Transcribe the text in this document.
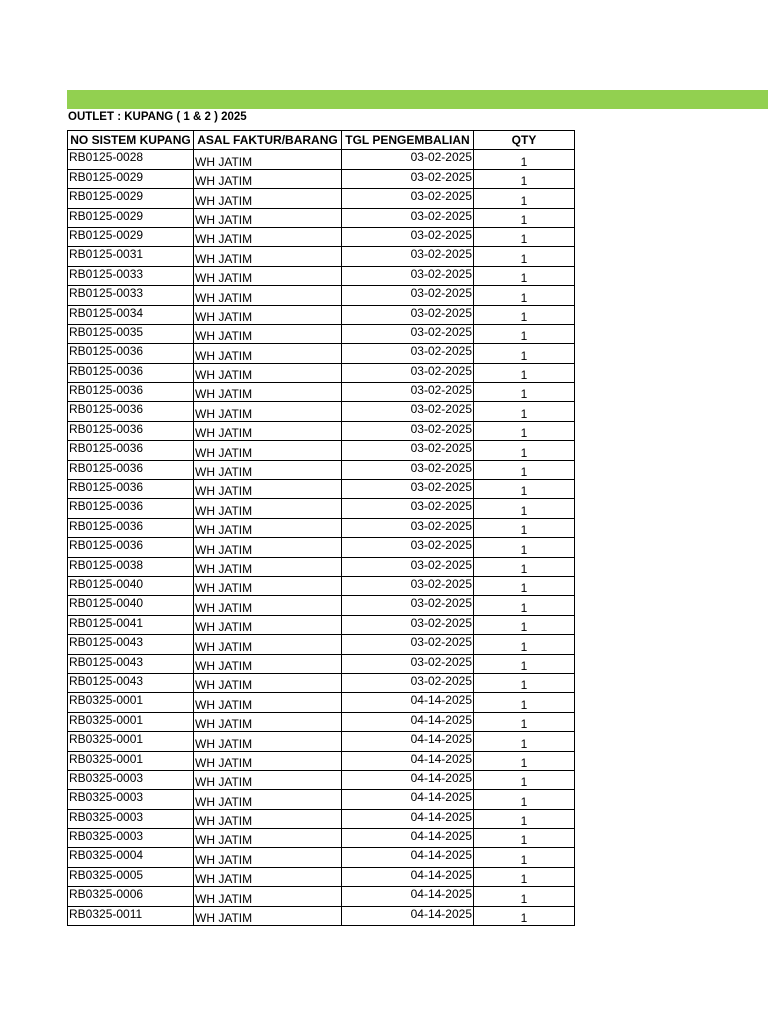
OUTLET : KUPANG ( 1 & 2 ) 2025
NO SISTEM KUPANG	ASAL FAKTUR/BARANG	TGL PENGEMBALIAN	QTY
RB0125-0028	WH JATIM	03-02-2025	1
RB0125-0029	WH JATIM	03-02-2025	1
RB0125-0029	WH JATIM	03-02-2025	1
RB0125-0029	WH JATIM	03-02-2025	1
RB0125-0029	WH JATIM	03-02-2025	1
RB0125-0031	WH JATIM	03-02-2025	1
RB0125-0033	WH JATIM	03-02-2025	1
RB0125-0033	WH JATIM	03-02-2025	1
RB0125-0034	WH JATIM	03-02-2025	1
RB0125-0035	WH JATIM	03-02-2025	1
RB0125-0036	WH JATIM	03-02-2025	1
RB0125-0036	WH JATIM	03-02-2025	1
RB0125-0036	WH JATIM	03-02-2025	1
RB0125-0036	WH JATIM	03-02-2025	1
RB0125-0036	WH JATIM	03-02-2025	1
RB0125-0036	WH JATIM	03-02-2025	1
RB0125-0036	WH JATIM	03-02-2025	1
RB0125-0036	WH JATIM	03-02-2025	1
RB0125-0036	WH JATIM	03-02-2025	1
RB0125-0036	WH JATIM	03-02-2025	1
RB0125-0036	WH JATIM	03-02-2025	1
RB0125-0038	WH JATIM	03-02-2025	1
RB0125-0040	WH JATIM	03-02-2025	1
RB0125-0040	WH JATIM	03-02-2025	1
RB0125-0041	WH JATIM	03-02-2025	1
RB0125-0043	WH JATIM	03-02-2025	1
RB0125-0043	WH JATIM	03-02-2025	1
RB0125-0043	WH JATIM	03-02-2025	1
RB0325-0001	WH JATIM	04-14-2025	1
RB0325-0001	WH JATIM	04-14-2025	1
RB0325-0001	WH JATIM	04-14-2025	1
RB0325-0001	WH JATIM	04-14-2025	1
RB0325-0003	WH JATIM	04-14-2025	1
RB0325-0003	WH JATIM	04-14-2025	1
RB0325-0003	WH JATIM	04-14-2025	1
RB0325-0003	WH JATIM	04-14-2025	1
RB0325-0004	WH JATIM	04-14-2025	1
RB0325-0005	WH JATIM	04-14-2025	1
RB0325-0006	WH JATIM	04-14-2025	1
RB0325-0011	WH JATIM	04-14-2025	1
